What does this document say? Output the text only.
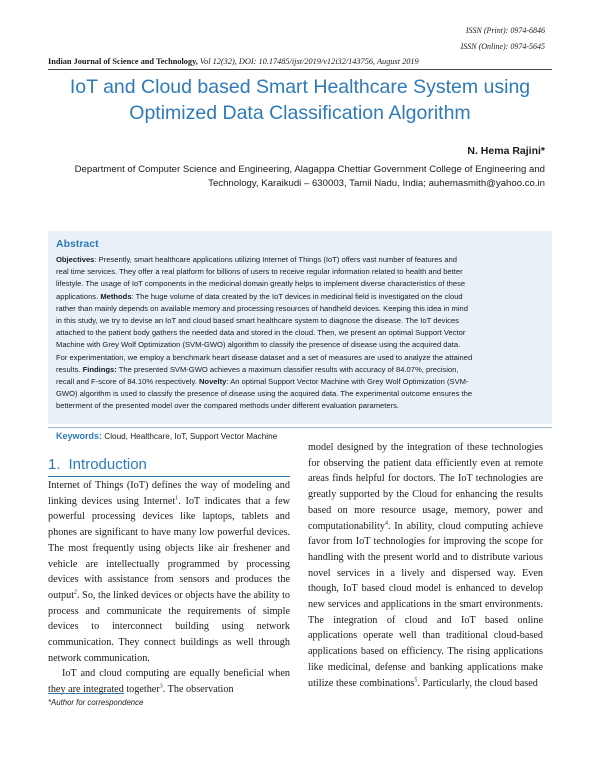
ISSN (Print): 0974-6846
ISSN (Online): 0974-5645
Indian Journal of Science and Technology, Vol 12(32), DOI: 10.17485/ijst/2019/v12i32/143756, August 2019
IoT and Cloud based Smart Healthcare System using
Optimized Data Classification Algorithm
N. Hema Rajini*
Department of Computer Science and Engineering, Alagappa Chettiar Government College of Engineering and
Technology, Karaikudi – 630003, Tamil Nadu, India; auhemasmith@yahoo.co.in
Abstract
Objectives: Presently, smart healthcare applications utilizing Internet of Things (IoT) offers vast number of features and
real time services. They offer a real platform for billions of users to receive regular information related to health and better
lifestyle. The usage of IoT components in the medicinal domain greatly helps to implement diverse characteristics of these
applications. Methods: The huge volume of data created by the IoT devices in medicinal field is investigated on the cloud
rather than mainly depends on available memory and processing resources of handheld devices. Keeping this idea in mind
in this study, we try to devise an IoT and cloud based smart healthcare system to diagnose the disease. The IoT devices
attached to the patient body gathers the needed data and stored in the cloud. Then, we present an optimal Support Vector
Machine with Grey Wolf Optimization (SVM-GWO) algorithm to classify the presence of disease using the acquired data.
For experimentation, we employ a benchmark heart disease dataset and a set of measures are used to analyze the attained
results. Findings: The presented SVM-GWO achieves a maximum classifier results with accuracy of 84.07%, precision,
recall and F-score of 84.10% respectively. Novelty: An optimal Support Vector Machine with Grey Wolf Optimization (SVM-
GWO) algorithm is used to classify the presence of disease using the acquired data. The experimental outcome ensures the
betterment of the presented model over the compared methods under different evaluation parameters.
Keywords: Cloud, Healthcare, IoT, Support Vector Machine
1. Introduction

Internet of Things (IoT) defines the way of modeling and linking devices using Internet$^1$. IoT indicates that a few powerful processing devices like laptops, tablets and phones are significant to have many low powerful devices. The most frequently using objects like air freshener and vehicle are intellectually programmed by processing devices with assistance from sensors and produces the output$^2$. So, the linked devices or objects have the ability to process and communicate the requirements of simple devices to interconnect building using network communication. They connect buildings as well through network communication.

IoT and cloud computing are equally beneficial when they are integrated together$^3$. The observation

model designed by the integration of these technologies for observing the patient data efficiently even at remote areas finds helpful for doctors. The IoT technologies are greatly supported by the Cloud for enhancing the results based on more resource usage, memory, power and computationability$^4$. In ability, cloud computing achieve favor from IoT technologies for improving the scope for handling with the present world and to distribute various novel services in a lively and dispersed way. Even though, IoT based cloud model is enhanced to develop new services and applications in the smart environments. The integration of cloud and IoT based online applications operate well than traditional cloud-based applications based on efficiency. The rising applications like medicinal, defense and banking applications make utilize these combinations$^5$. Particularly, the cloud based

*Author for correspondence
